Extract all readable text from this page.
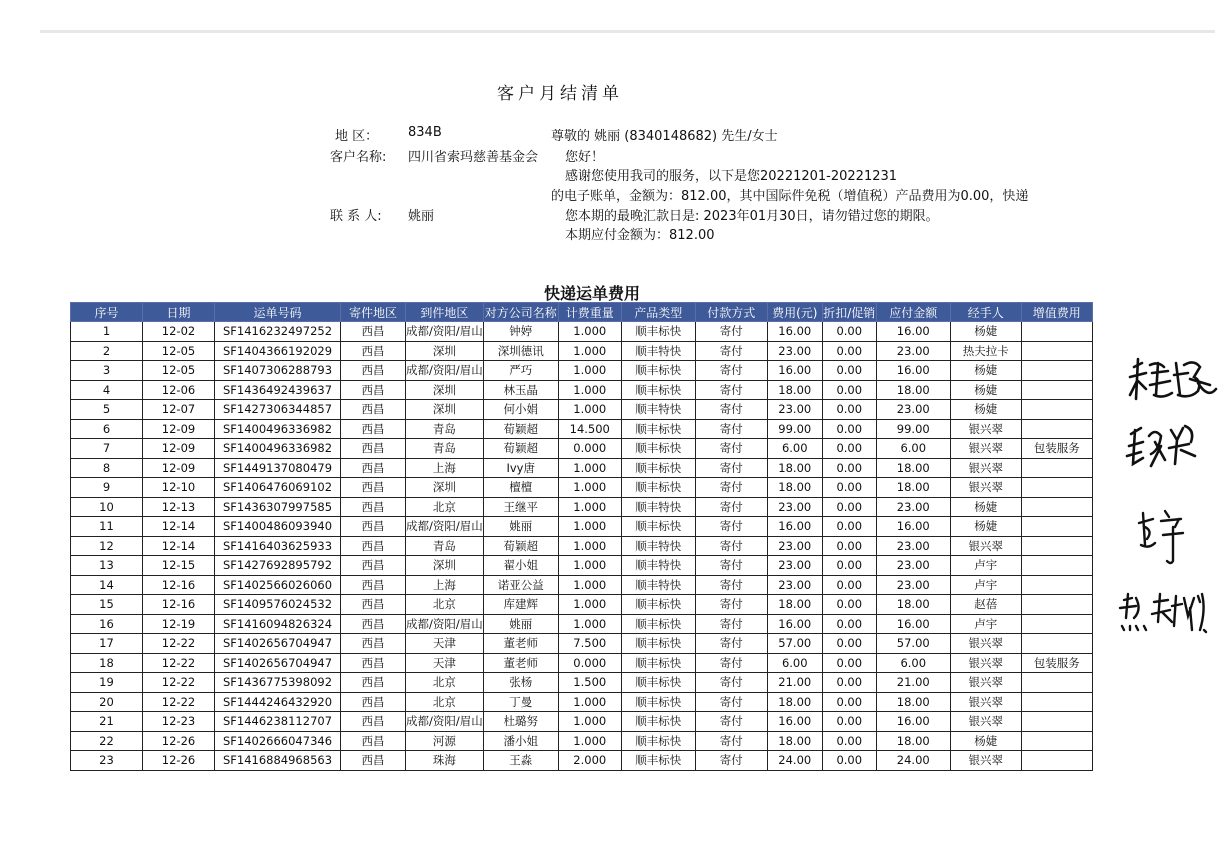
客户月结清单
地 区： 834B
客户名称: 四川省索玛慈善基金会
联 系 人: 姚丽
尊敬的 姚丽 (8340148682) 先生/女士
您好！
感谢您使用我司的服务，以下是您20221201-20221231
的电子账单，金额为：812.00，其中国际件免税（增值税）产品费用为0.00，快递
您本期的最晚汇款日是: 2023年01月30日，请勿错过您的期限。
本期应付金额为：812.00
快递运单费用
序号	日期	运单号码	寄件地区	到件地区	对方公司名称	计费重量	产品类型	付款方式	费用(元)	折扣/促销	应付金额	经手人	增值费用
1	12-02	SF1416232497252	西昌	成都/资阳/眉山	钟婷	1.000	顺丰标快	寄付	16.00	0.00	16.00	杨婕	
2	12-05	SF1404366192029	西昌	深圳	深圳德讯	1.000	顺丰特快	寄付	23.00	0.00	23.00	热夫拉卡	
3	12-05	SF1407306288793	西昌	成都/资阳/眉山	严巧	1.000	顺丰标快	寄付	16.00	0.00	16.00	杨婕	
4	12-06	SF1436492439637	西昌	深圳	林玉晶	1.000	顺丰标快	寄付	18.00	0.00	18.00	杨婕	
5	12-07	SF1427306344857	西昌	深圳	何小娟	1.000	顺丰特快	寄付	23.00	0.00	23.00	杨婕	
6	12-09	SF1400496336982	西昌	青岛	荀颖超	14.500	顺丰标快	寄付	99.00	0.00	99.00	银兴翠	
7	12-09	SF1400496336982	西昌	青岛	荀颖超	0.000	顺丰标快	寄付	6.00	0.00	6.00	银兴翠	包装服务
8	12-09	SF1449137080479	西昌	上海	Ivy唐	1.000	顺丰标快	寄付	18.00	0.00	18.00	银兴翠	
9	12-10	SF1406476069102	西昌	深圳	檀檀	1.000	顺丰标快	寄付	18.00	0.00	18.00	银兴翠	
10	12-13	SF1436307997585	西昌	北京	王继平	1.000	顺丰特快	寄付	23.00	0.00	23.00	杨婕	
11	12-14	SF1400486093940	西昌	成都/资阳/眉山	姚丽	1.000	顺丰标快	寄付	16.00	0.00	16.00	杨婕	
12	12-14	SF1416403625933	西昌	青岛	荀颖超	1.000	顺丰特快	寄付	23.00	0.00	23.00	银兴翠	
13	12-15	SF1427692895792	西昌	深圳	翟小姐	1.000	顺丰特快	寄付	23.00	0.00	23.00	卢宇	
14	12-16	SF1402566026060	西昌	上海	诺亚公益	1.000	顺丰特快	寄付	23.00	0.00	23.00	卢宇	
15	12-16	SF1409576024532	西昌	北京	库建辉	1.000	顺丰标快	寄付	18.00	0.00	18.00	赵蓓	
16	12-19	SF1416094826324	西昌	成都/资阳/眉山	姚丽	1.000	顺丰标快	寄付	16.00	0.00	16.00	卢宇	
17	12-22	SF1402656704947	西昌	天津	董老师	7.500	顺丰标快	寄付	57.00	0.00	57.00	银兴翠	
18	12-22	SF1402656704947	西昌	天津	董老师	0.000	顺丰标快	寄付	6.00	0.00	6.00	银兴翠	包装服务
19	12-22	SF1436775398092	西昌	北京	张杨	1.500	顺丰标快	寄付	21.00	0.00	21.00	银兴翠	
20	12-22	SF1444246432920	西昌	北京	丁曼	1.000	顺丰标快	寄付	18.00	0.00	18.00	银兴翠	
21	12-23	SF1446238112707	西昌	成都/资阳/眉山	杜璐努	1.000	顺丰标快	寄付	16.00	0.00	16.00	银兴翠	
22	12-26	SF1402666047346	西昌	河源	潘小姐	1.000	顺丰标快	寄付	18.00	0.00	18.00	杨婕	
23	12-26	SF1416884968563	西昌	珠海	王淼	2.000	顺丰标快	寄付	24.00	0.00	24.00	银兴翠	
